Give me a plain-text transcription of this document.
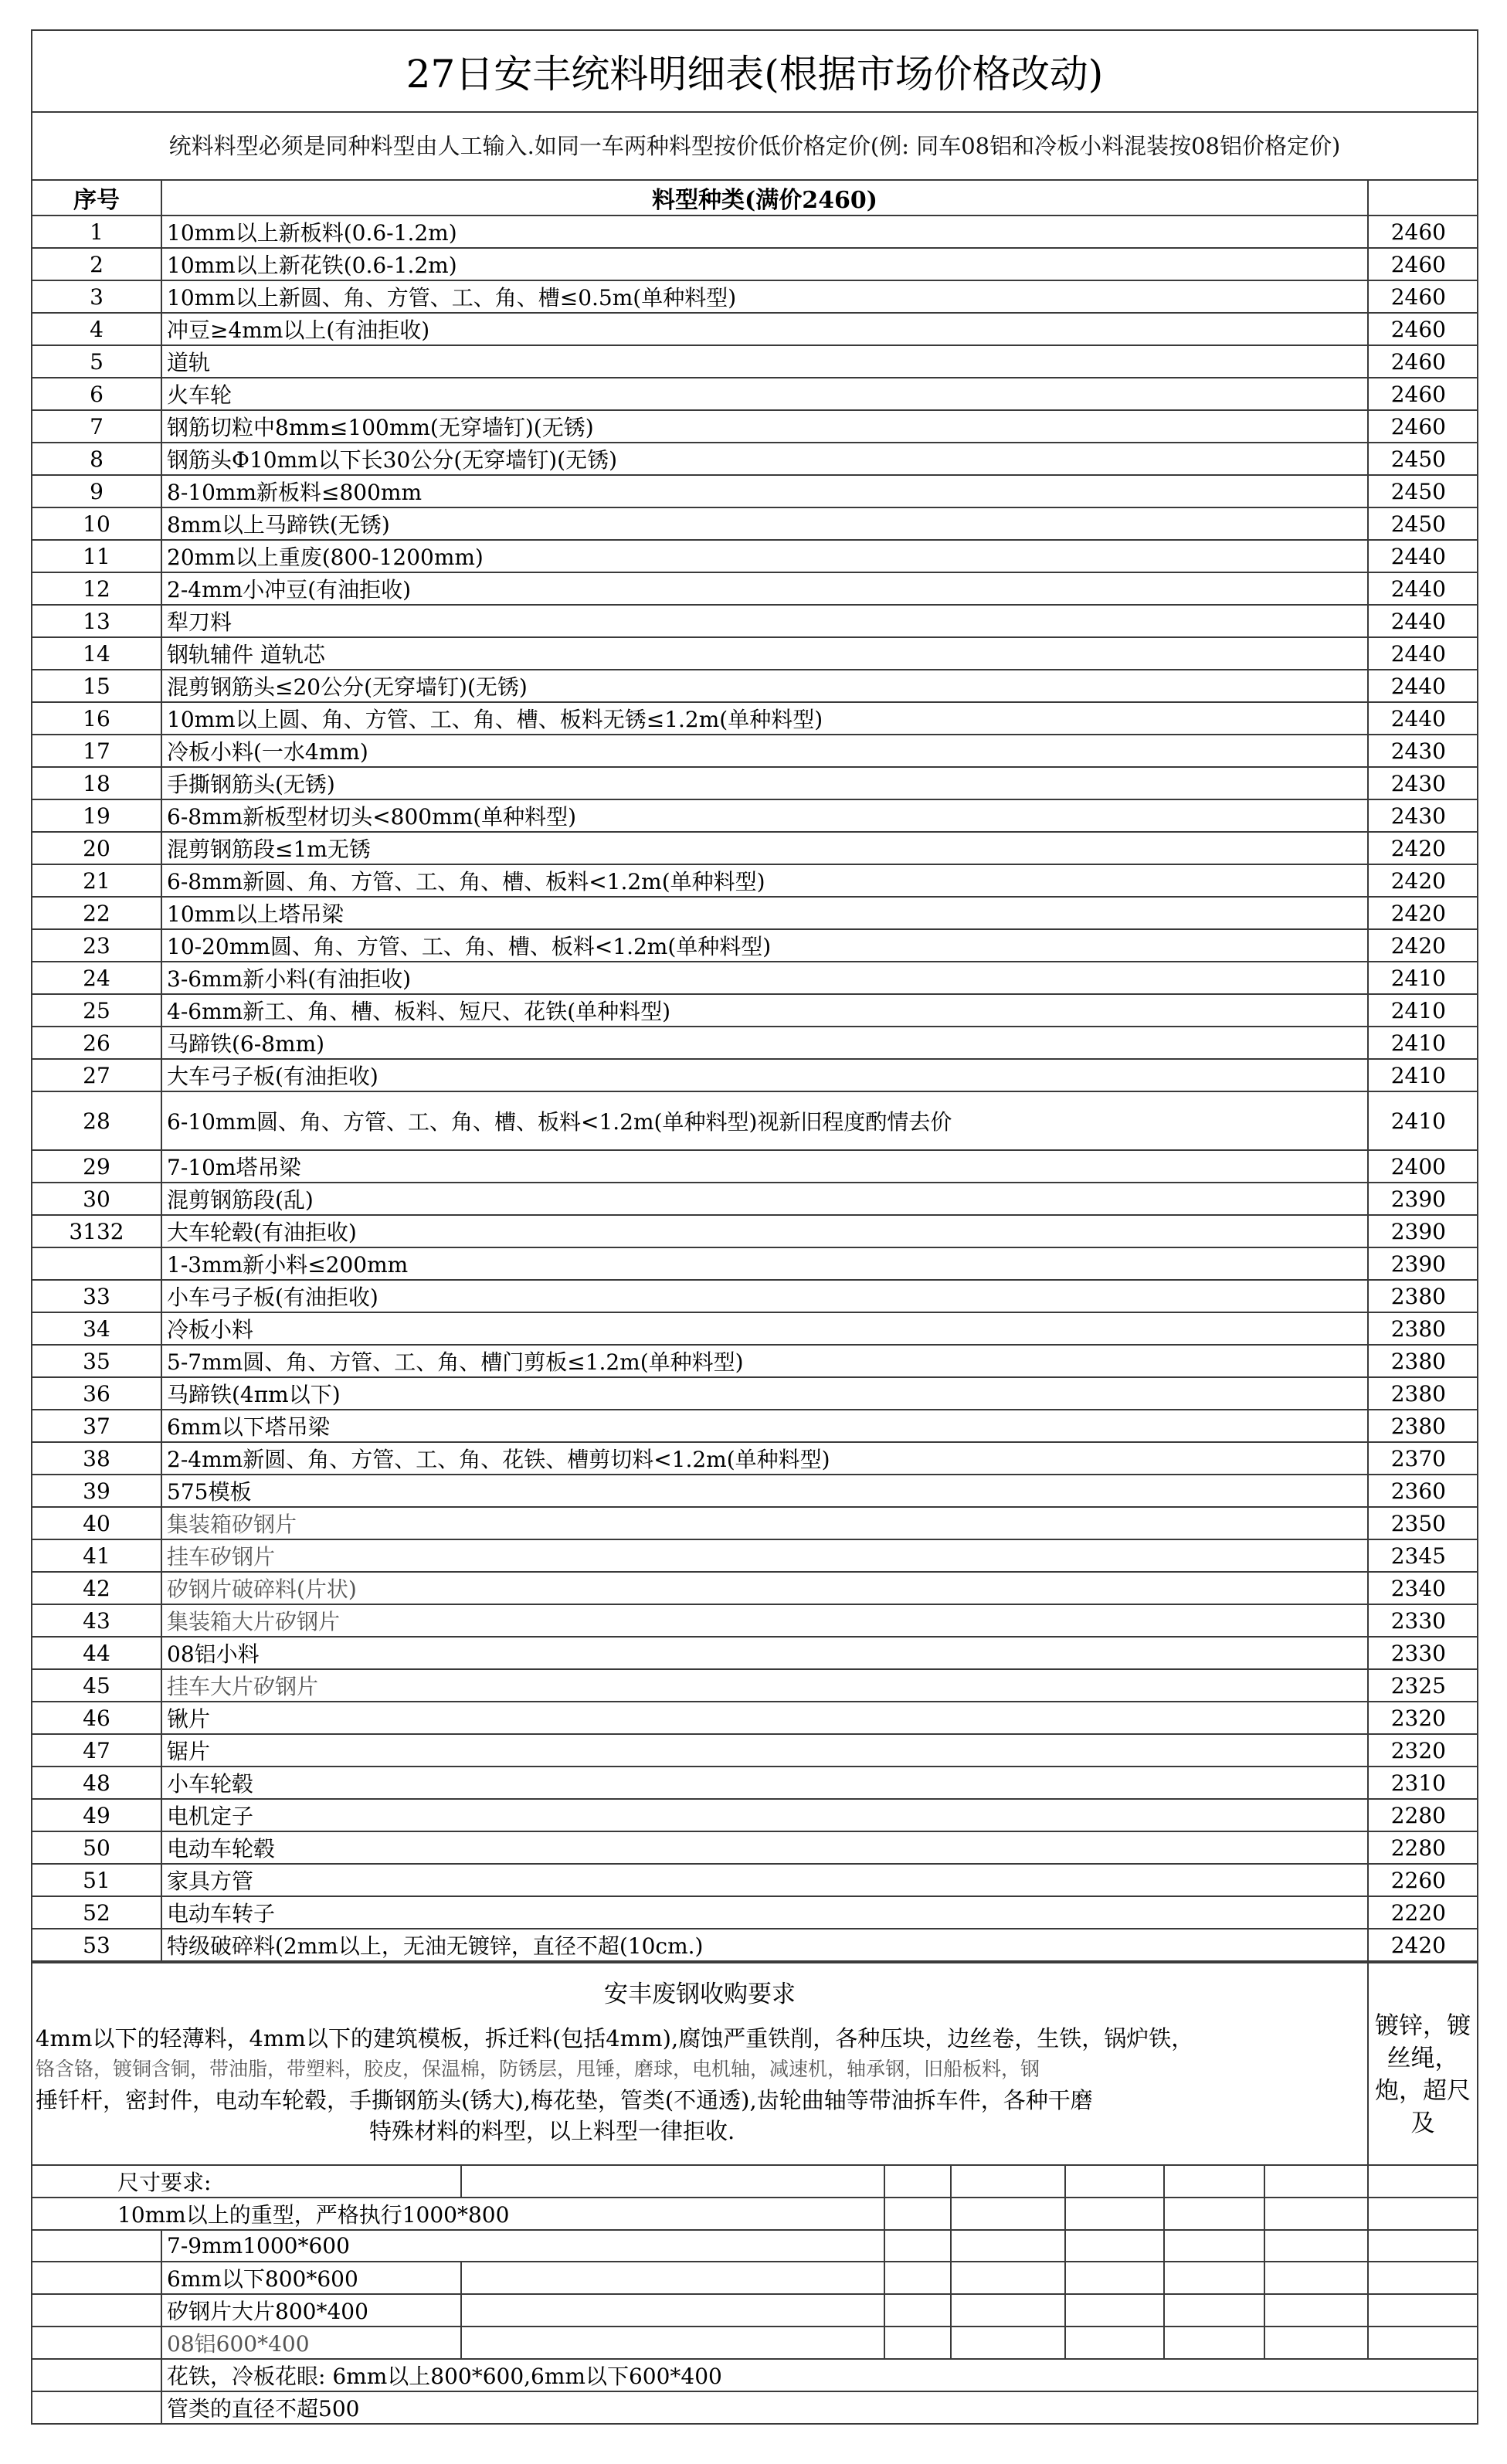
27日安丰统料明细表(根据市场价格改动)		
统料料型必须是同种料型由人工输入.如同一车两种料型按价低价格定价(例: 同车08铝和冷板小料混装按08铝价格定价)		
序号	料型种类(满价2460)	
1	10mm以上新板料(0.6-1.2m)	2460
2	10mm以上新花铁(0.6-1.2m)	2460
3	10mm以上新圆、角、方管、工、角、槽≤0.5m(单种料型)	2460
4	冲豆≥4mm以上(有油拒收)	2460
5	道轨	2460
6	火车轮	2460
7	钢筋切粒中8mm≤100mm(无穿墙钉)(无锈)	2460
8	钢筋头Φ10mm以下长30公分(无穿墙钉)(无锈)	2450
9	8-10mm新板料≤800mm	2450
10	8mm以上马蹄铁(无锈)	2450
11	20mm以上重废(800-1200mm)	2440
12	2-4mm小冲豆(有油拒收)	2440
13	犁刀料	2440
14	钢轨辅件 道轨芯	2440
15	混剪钢筋头≤20公分(无穿墙钉)(无锈)	2440
16	10mm以上圆、角、方管、工、角、槽、板料无锈≤1.2m(单种料型)	2440
17	冷板小料(一水4mm)	2430
18	手撕钢筋头(无锈)	2430
19	6-8mm新板型材切头<800mm(单种料型)	2430
20	混剪钢筋段≤1m无锈	2420
21	6-8mm新圆、角、方管、工、角、槽、板料<1.2m(单种料型)	2420
22	10mm以上塔吊梁	2420
23	10-20mm圆、角、方管、工、角、槽、板料<1.2m(单种料型)	2420
24	3-6mm新小料(有油拒收)	2410
25	4-6mm新工、角、槽、板料、短尺、花铁(单种料型)	2410
26	马蹄铁(6-8mm)	2410
27	大车弓子板(有油拒收)	2410
28	6-10mm圆、角、方管、工、角、槽、板料<1.2m(单种料型)视新旧程度酌情去价	2410
29	7-10m塔吊梁	2400
30	混剪钢筋段(乱)	2390
3132	大车轮毂(有油拒收)	2390
	1-3mm新小料≤200mm	2390
33	小车弓子板(有油拒收)	2380
34	冷板小料	2380
35	5-7mm圆、角、方管、工、角、槽门剪板≤1.2m(单种料型)	2380
36	马蹄铁(4πm以下)	2380
37	6mm以下塔吊梁	2380
38	2-4mm新圆、角、方管、工、角、花铁、槽剪切料<1.2m(单种料型)	2370
39	575模板	2360
40	集装箱矽钢片	2350
41	挂车矽钢片	2345
42	矽钢片破碎料(片状)	2340
43	集装箱大片矽钢片	2330
44	08铝小料	2330
45	挂车大片矽钢片	2325
46	锹片	2320
47	锯片	2320
48	小车轮毂	2310
49	电机定子	2280
50	电动车轮毂	2280
51	家具方管	2260
52	电动车转子	2220
53	特级破碎料(2mm以上，无油无镀锌，直径不超(10cm.)	2420
安丰废钢收购要求
4mm以下的轻薄料，4mm以下的建筑模板，拆迁料(包括4mm),腐蚀严重铁削，各种压块，边丝卷，生铁，锅炉铁，
铬含铬，镀铜含铜，带油脂，带塑料，胶皮，保温棉，防锈层，甩锤，磨球，电机轴，减速机，轴承钢，旧船板料，钢
捶钎杆，密封件，电动车轮毂，手撕钢筋头(锈大),梅花垫，管类(不通透),齿轮曲轴等带油拆车件，各种干磨
特殊材料的料型，以上料型一律拒收.
	镀锌，镀丝绳，炮，超尺及
尺寸要求:								
10mm以上的重型，严格执行1000*800								
	7-9mm1000*600							
	6mm以下800*600							
	矽钢片大片800*400							
	08铝600*400							
	花铁，冷板花眼: 6mm以上800*600,6mm以下600*400							
	管类的直径不超500							
